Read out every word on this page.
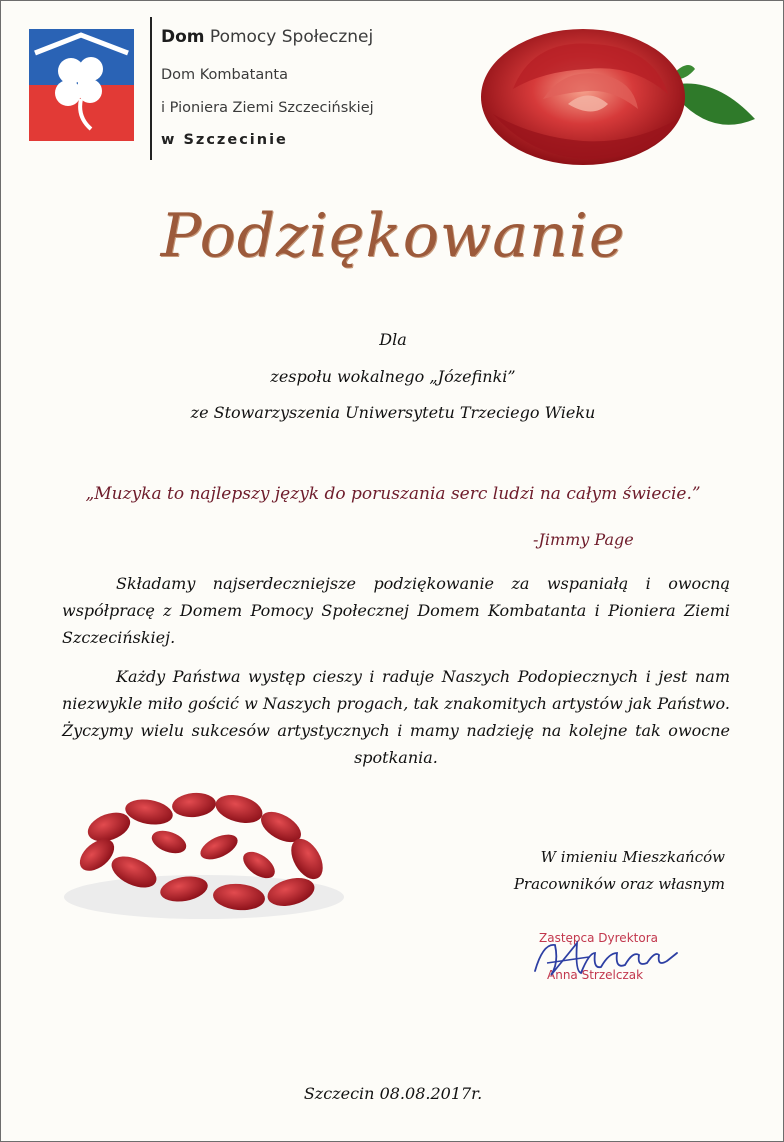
Dom Pomocy Społecznej
Dom Kombatanta
i Pioniera Ziemi Szczecińskiej
w Szczecinie
Podziękowanie
Dla
zespołu wokalnego „Józefinki”
ze Stowarzyszenia Uniwersytetu Trzeciego Wieku
„Muzyka to najlepszy język do poruszania serc ludzi na całym świecie.”
-Jimmy Page
Składamy najserdeczniejsze podziękowanie za wspaniałą i owocną współpracę z Domem Pomocy Społecznej Domem Kombatanta i Pioniera Ziemi Szczecińskiej.
Każdy Państwa występ cieszy i raduje Naszych Podopiecznych i jest nam niezwykle miło gościć w Naszych progach, tak znakomitych artystów jak Państwo. Życzymy wielu sukcesów artystycznych i mamy nadzieję na kolejne tak owocne spotkania.
W imieniu Mieszkańców
Pracowników oraz własnym
Zastępca Dyrektora
Anna Strzelczak
Szczecin 08.08.2017r.
